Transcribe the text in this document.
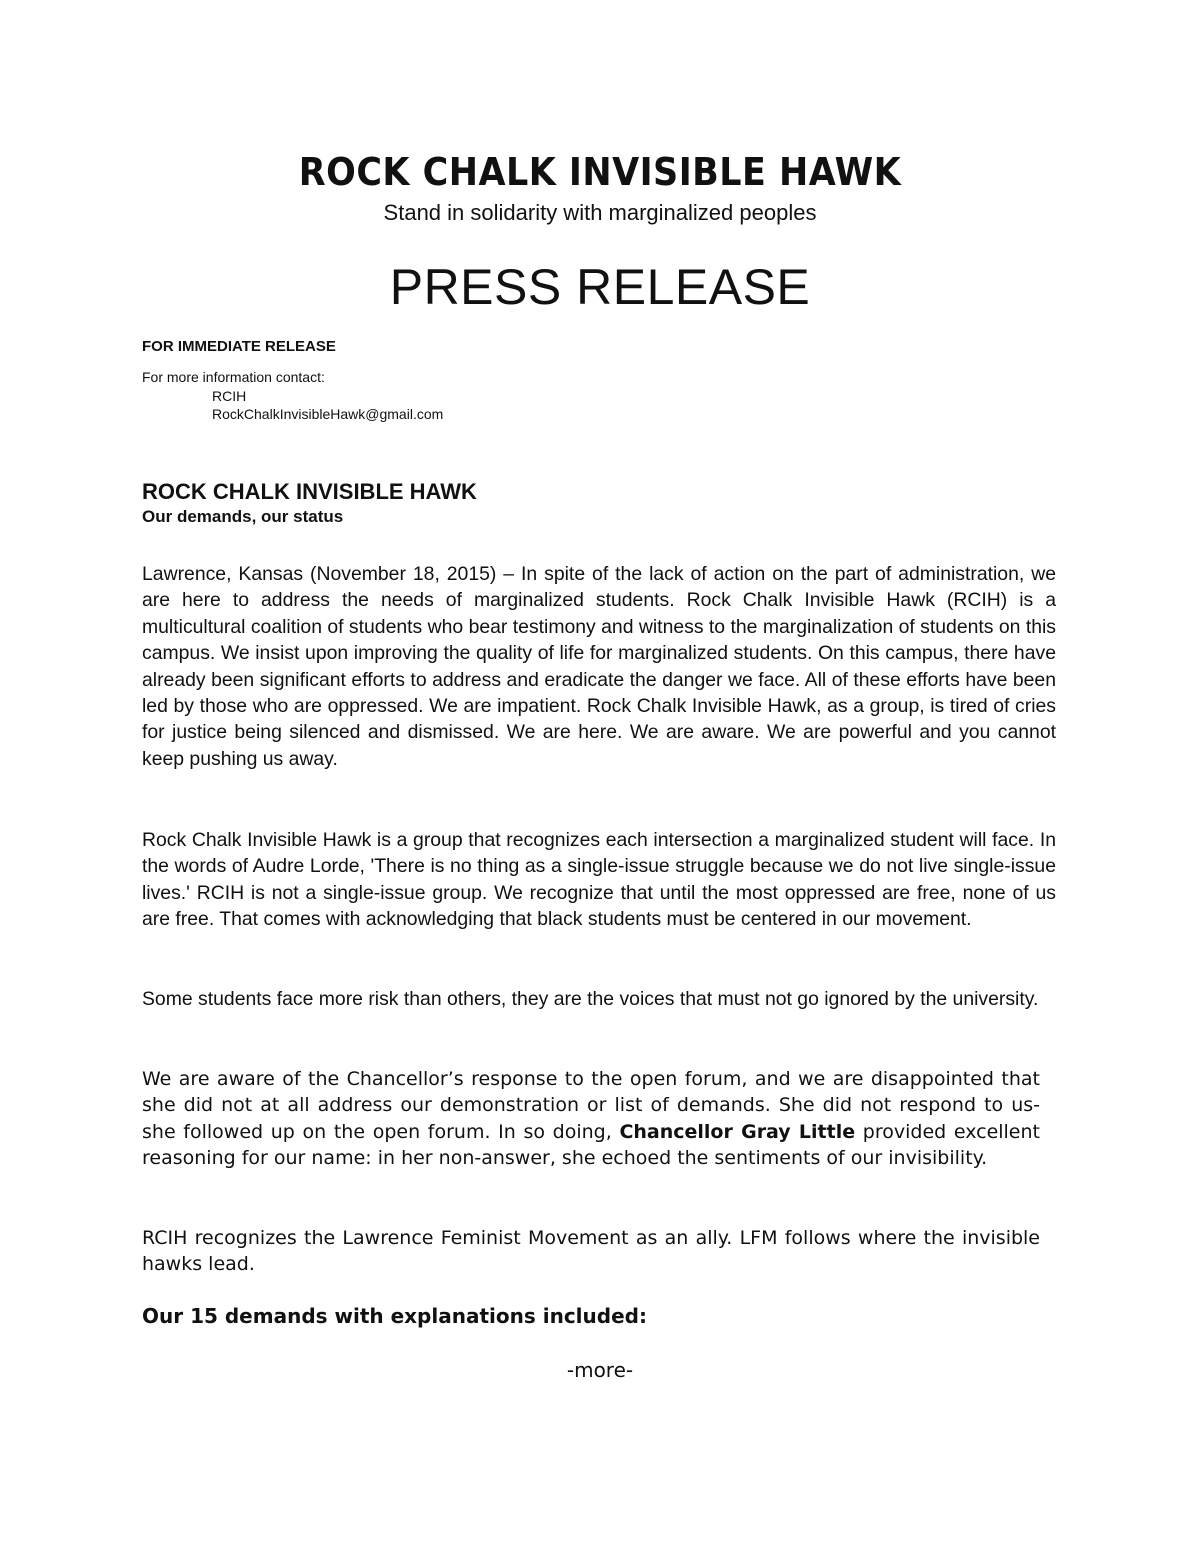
ROCK CHALK INVISIBLE HAWK
Stand in solidarity with marginalized peoples
PRESS RELEASE
FOR IMMEDIATE RELEASE
For more information contact:
RCIH
RockChalkInvisibleHawk@gmail.com
ROCK CHALK INVISIBLE HAWK
Our demands, our status
Lawrence, Kansas (November 18, 2015) – In spite of the lack of action on the part of administration, we are here to address the needs of marginalized students. Rock Chalk Invisible Hawk (RCIH) is a multicultural coalition of students who bear testimony and witness to the marginalization of students on this campus. We insist upon improving the quality of life for marginalized students. On this campus, there have already been significant efforts to address and eradicate the danger we face. All of these efforts have been led by those who are oppressed. We are impatient. Rock Chalk Invisible Hawk, as a group, is tired of cries for justice being silenced and dismissed. We are here. We are aware. We are powerful and you cannot keep pushing us away.
Rock Chalk Invisible Hawk is a group that recognizes each intersection a marginalized student will face. In the words of Audre Lorde, 'There is no thing as a single-issue struggle because we do not live single-issue lives.' RCIH is not a single-issue group. We recognize that until the most oppressed are free, none of us are free. That comes with acknowledging that black students must be centered in our movement.
Some students face more risk than others, they are the voices that must not go ignored by the university.
We are aware of the Chancellor’s response to the open forum, and we are disappointed that she did not at all address our demonstration or list of demands. She did not respond to us- she followed up on the open forum. In so doing, Chancellor Gray Little provided excellent reasoning for our name: in her non-answer, she echoed the sentiments of our invisibility.
RCIH recognizes the Lawrence Feminist Movement as an ally. LFM follows where the invisible hawks lead.
Our 15 demands with explanations included:
-more-
